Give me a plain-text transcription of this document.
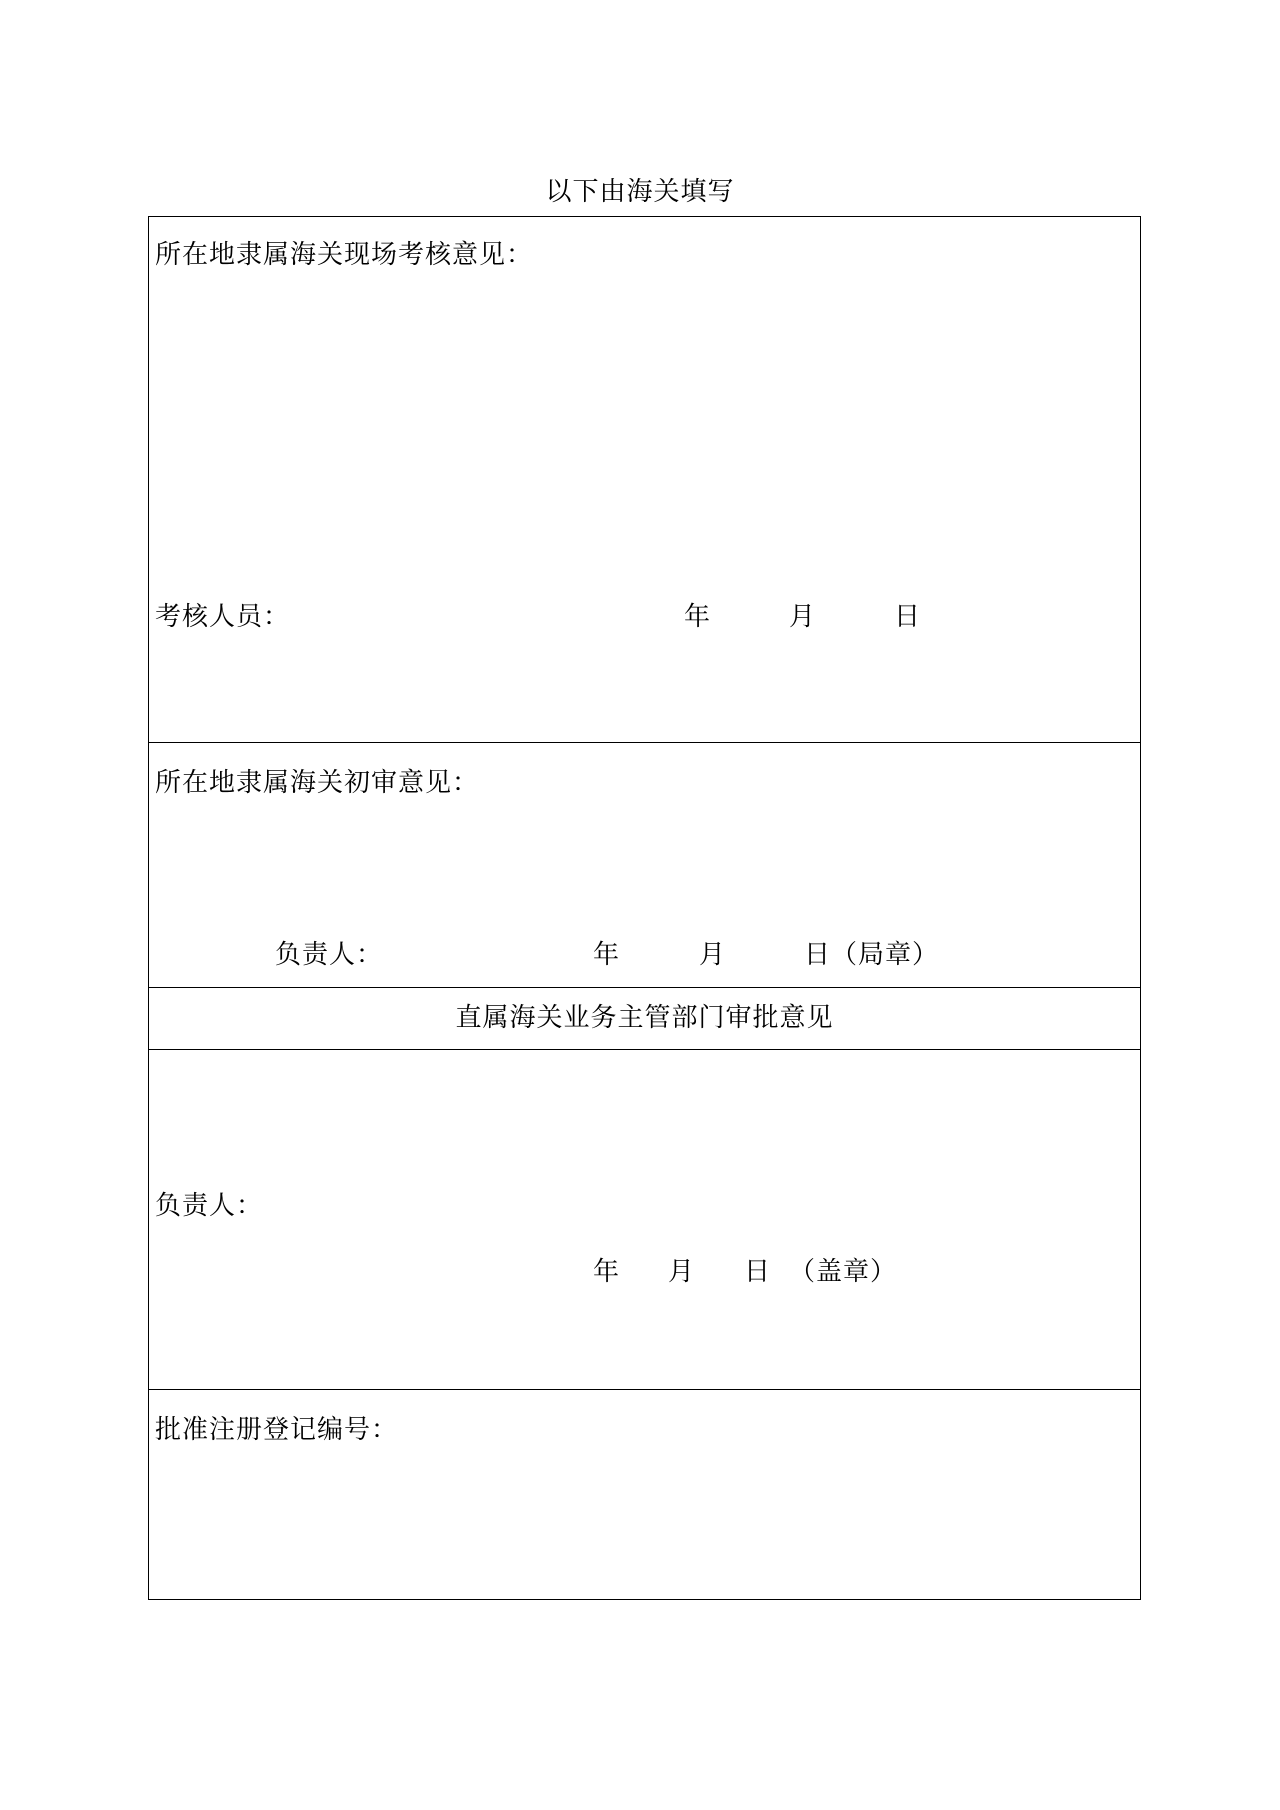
以下由海关填写
所在地隶属海关现场考核意见：
考核人员：	年	月	日
所在地隶属海关初审意见：
负责人：	年	月	日（局章）
直属海关业务主管部门审批意见
负责人：
年 月 日 （盖章）
批准注册登记编号：
